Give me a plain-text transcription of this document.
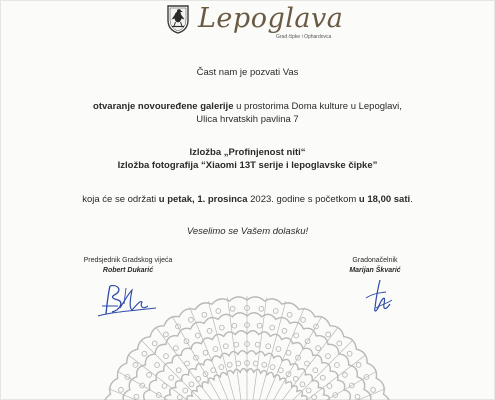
Lepoglava
Grad čipke i Ophardovca
Čast nam je pozvati Vas
otvaranje novouređene galerije u prostorima Doma kulture u Lepoglavi,
Ulica hrvatskih pavlina 7
Izložba „Profinjenost niti“
Izložba fotografija “Xiaomi 13T serije i lepoglavske čipke”
koja će se održati u petak, 1. prosinca 2023. godine s početkom u 18,00 sati.
Veselimo se Vašem dolasku!
Predsjednik Gradskog vijeća
Robert Dukarić
Gradonačelnik
Marijan Škvarić
